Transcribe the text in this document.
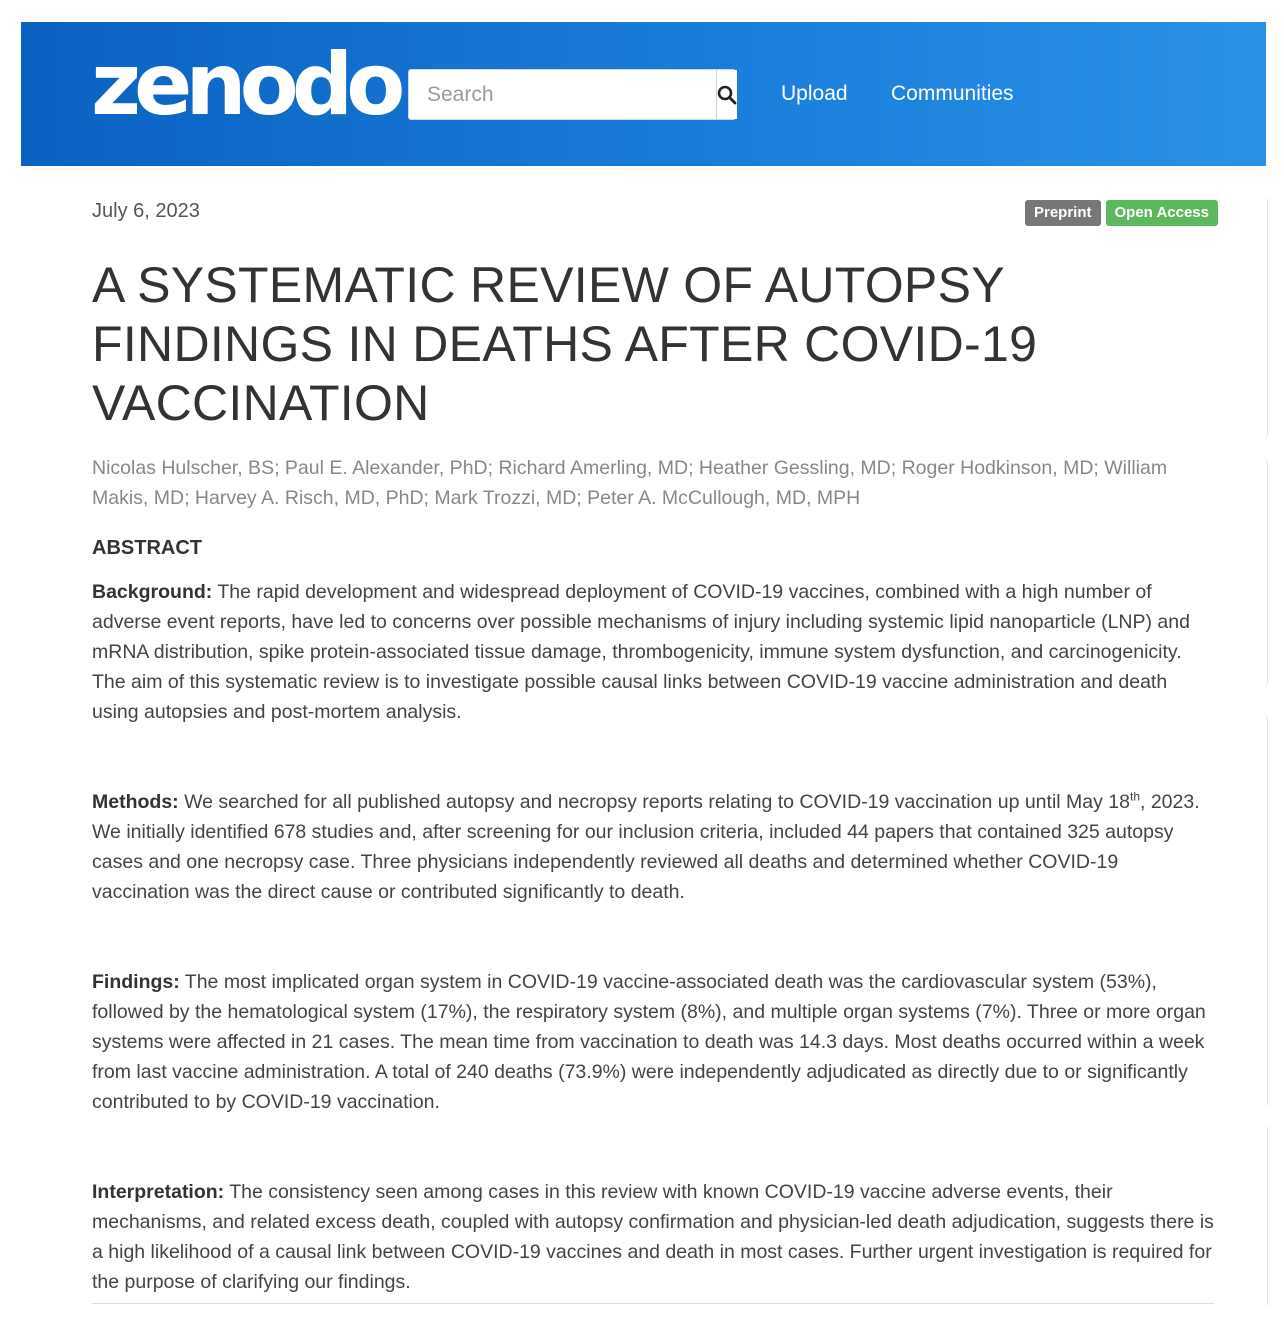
zenodo
Search	Upload Communities
July 6, 2023	Preprint	Open Access
A SYSTEMATIC REVIEW OF AUTOPSY FINDINGS IN DEATHS AFTER COVID-19 VACCINATION

Nicolas Hulscher, BS; Paul E. Alexander, PhD; Richard Amerling, MD; Heather Gessling, MD; Roger Hodkinson, MD; William Makis, MD; Harvey A. Risch, MD, PhD; Mark Trozzi, MD; Peter A. McCullough, MD, MPH

ABSTRACT

Background: The rapid development and widespread deployment of COVID-19 vaccines, combined with a high number of adverse event reports, have led to concerns over possible mechanisms of injury including systemic lipid nanoparticle (LNP) and mRNA distribution, spike protein-associated tissue damage, thrombogenicity, immune system dysfunction, and carcinogenicity. The aim of this systematic review is to investigate possible causal links between COVID-19 vaccine administration and death using autopsies and post-mortem analysis.

Methods: We searched for all published autopsy and necropsy reports relating to COVID-19 vaccination up until May 18th, 2023. We initially identified 678 studies and, after screening for our inclusion criteria, included 44 papers that contained 325 autopsy cases and one necropsy case. Three physicians independently reviewed all deaths and determined whether COVID-19 vaccination was the direct cause or contributed significantly to death.

Findings: The most implicated organ system in COVID-19 vaccine-associated death was the cardiovascular system (53%), followed by the hematological system (17%), the respiratory system (8%), and multiple organ systems (7%). Three or more organ systems were affected in 21 cases. The mean time from vaccination to death was 14.3 days. Most deaths occurred within a week from last vaccine administration. A total of 240 deaths (73.9%) were independently adjudicated as directly due to or significantly contributed to by COVID-19 vaccination.

Interpretation: The consistency seen among cases in this review with known COVID-19 vaccine adverse events, their mechanisms, and related excess death, coupled with autopsy confirmation and physician-led death adjudication, suggests there is a high likelihood of a causal link between COVID-19 vaccines and death in most cases. Further urgent investigation is required for the purpose of clarifying our findings.
